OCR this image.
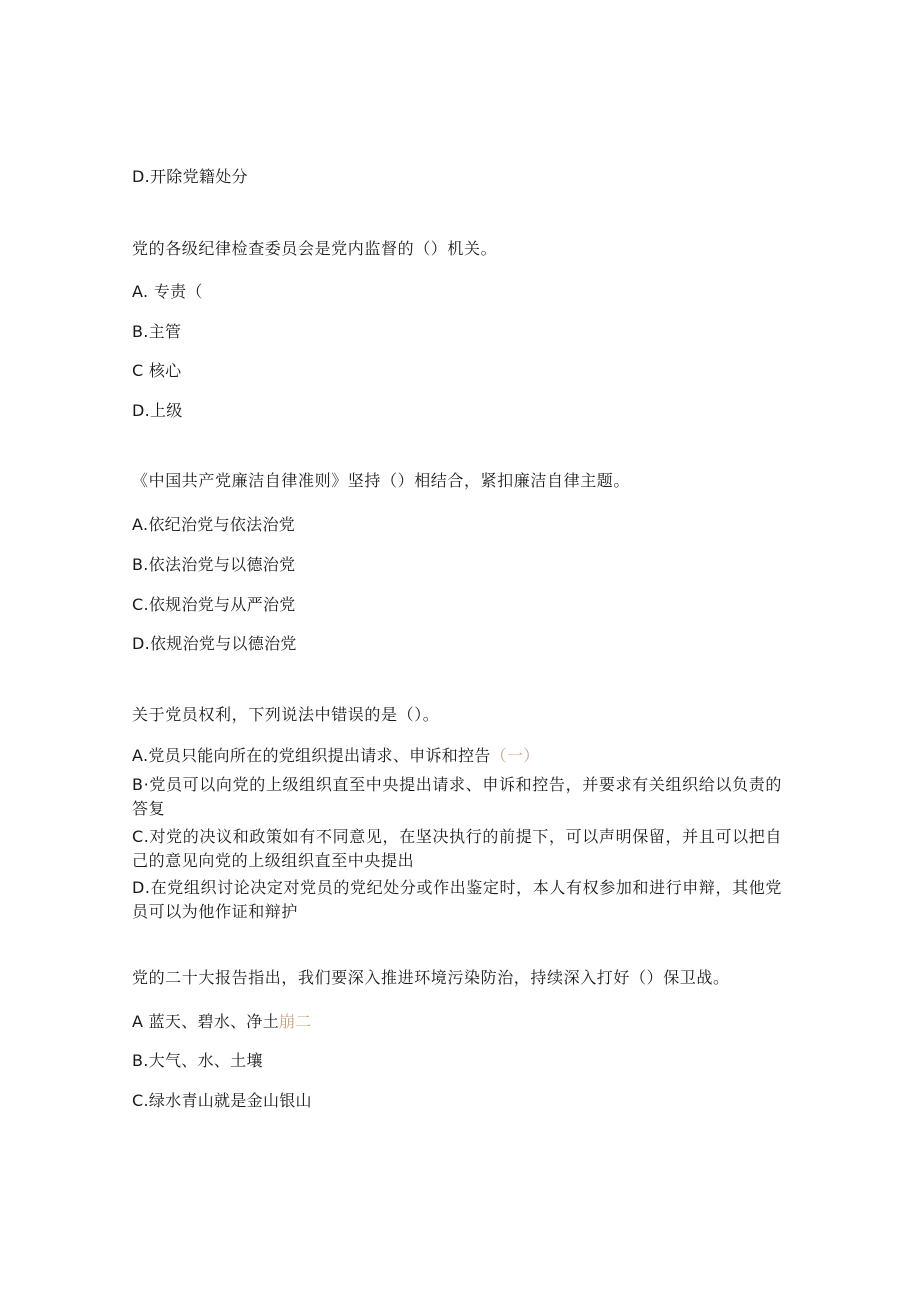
D.开除党籍处分
党的各级纪律检查委员会是党内监督的（）机关。
A. 专责（
B.主管
C 核心
D.上级
《中国共产党廉洁自律准则》坚持（）相结合，紧扣廉洁自律主题。
A.依纪治党与依法治党
B.依法治党与以德治党
C.依规治党与从严治党
D.依规治党与以德治党
关于党员权利，下列说法中错误的是（）。
A.党员只能向所在的党组织提出请求、申诉和控告（一）
B·党员可以向党的上级组织直至中央提出请求、申诉和控告，并要求有关组织给以负责的答复
C.对党的决议和政策如有不同意见，在坚决执行的前提下，可以声明保留，并且可以把自己的意见向党的上级组织直至中央提出
D.在党组织讨论决定对党员的党纪处分或作出鉴定时，本人有权参加和进行申辩，其他党员可以为他作证和辩护
党的二十大报告指出，我们要深入推进环境污染防治，持续深入打好（）保卫战。
A 蓝天、碧水、净土崩二
B.大气、水、土壤
C.绿水青山就是金山银山
